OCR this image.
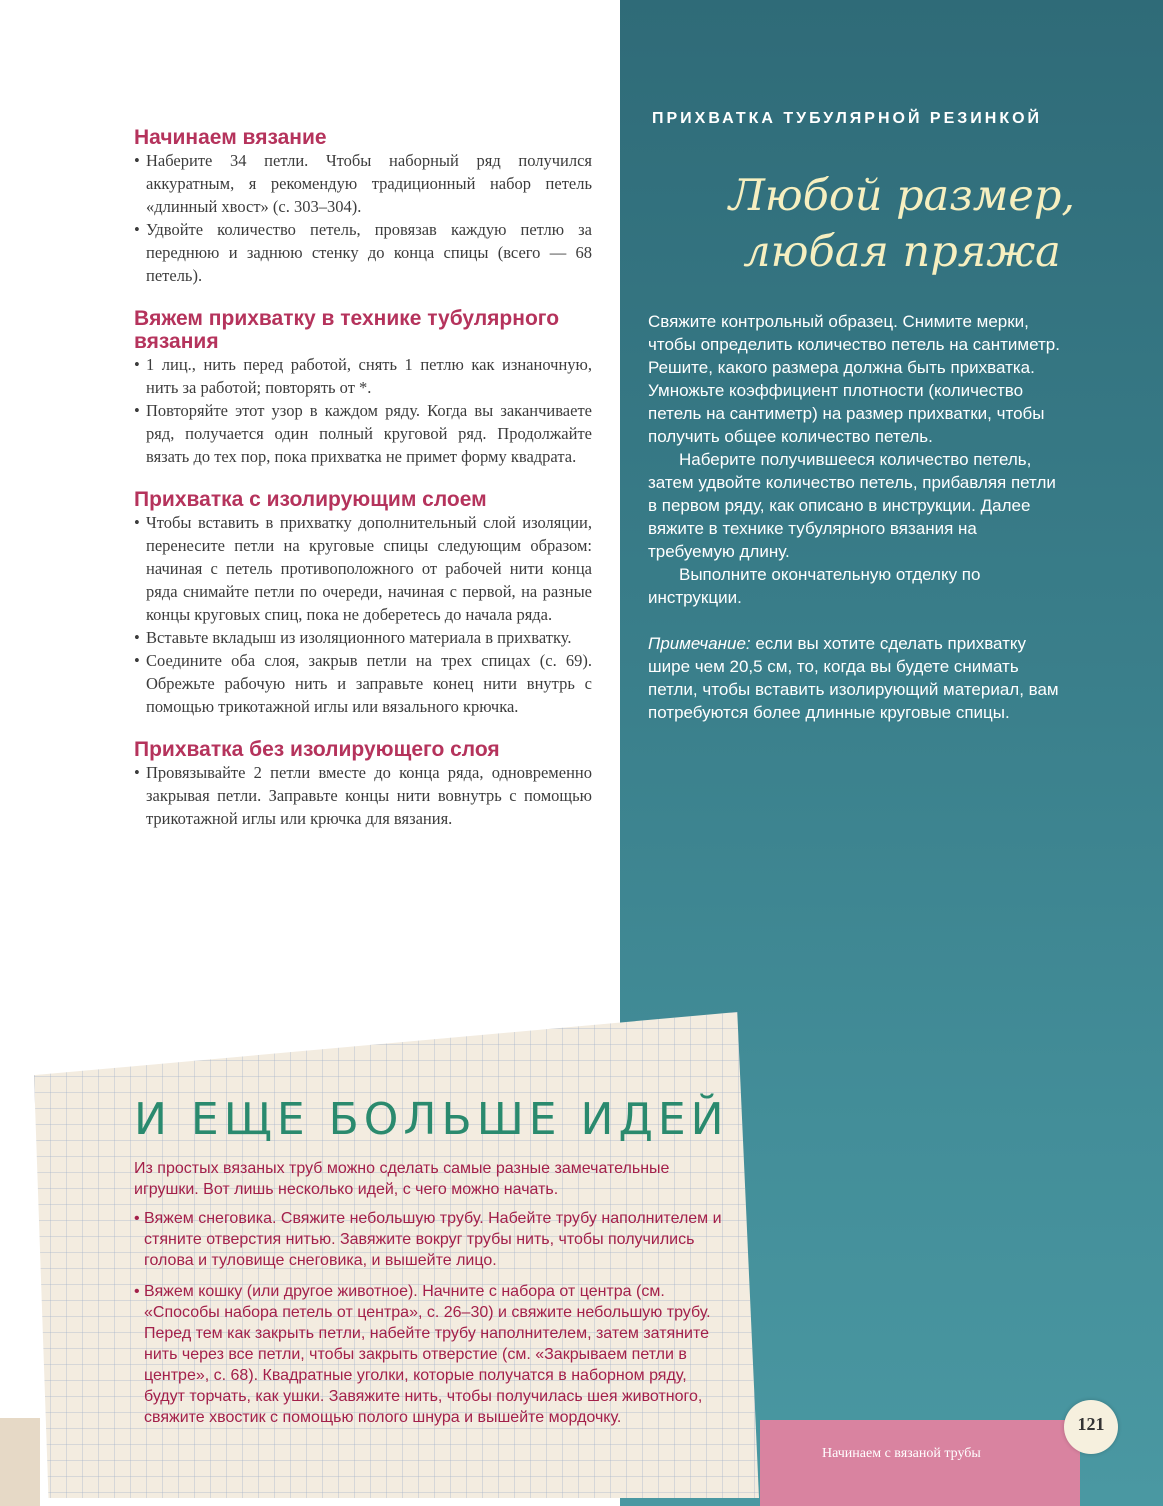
ПРИХВАТКА ТУБУЛЯРНОЙ РЕЗИНКОЙ
Любой размер,
любая пряжа

Свяжите контрольный образец. Снимите мерки, чтобы определить количество петель на сантиметр. Решите, какого размера должна быть прихватка. Умножьте коэффициент плотности (количество петель на сантиметр) на размер прихватки, чтобы получить общее количество петель.

Наберите получившееся количество петель, затем удвойте количество петель, прибавляя петли в первом ряду, как описано в инструкции. Далее вяжите в технике тубулярного вязания на требуемую длину.

Выполните окончательную отделку по инструкции.

Примечание: если вы хотите сделать прихватку шире чем 20,5 см, то, когда вы будете снимать петли, чтобы вставить изолирующий материал, вам потребуются более длинные круговые спицы.

Начинаем вязание
• Наберите 34 петли. Чтобы наборный ряд получился аккуратным, я рекомендую традиционный набор петель «длинный хвост» (с. 303–304).
• Удвойте количество петель, провязав каждую петлю за переднюю и заднюю стенку до конца спицы (всего — 68 петель).
Вяжем прихватку в технике тубулярного вязания
• 1 лиц., нить перед работой, снять 1 петлю как изнаночную, нить за работой; повторять от *.
• Повторяйте этот узор в каждом ряду. Когда вы заканчиваете ряд, получается один полный круговой ряд. Продолжайте вязать до тех пор, пока прихватка не примет форму квадрата.
Прихватка с изолирующим слоем
• Чтобы вставить в прихватку дополнительный слой изоляции, перенесите петли на круговые спицы следующим образом: начиная с петель противоположного от рабочей нити конца ряда снимайте петли по очереди, начиная с первой, на разные концы круговых спиц, пока не доберетесь до начала ряда.
• Вставьте вкладыш из изоляционного материала в прихватку.
• Соедините оба слоя, закрыв петли на трех спицах (с. 69). Обрежьте рабочую нить и заправьте конец нити внутрь с помощью трикотажной иглы или вязального крючка.
Прихватка без изолирующего слоя
• Провязывайте 2 петли вместе до конца ряда, одновременно закрывая петли. Заправьте концы нити вовнутрь с помощью трикотажной иглы или крючка для вязания.
И ЕЩЕ БОЛЬШЕ ИДЕЙ

Из простых вязаных труб можно сделать самые разные замечательные игрушки. Вот лишь несколько идей, с чего можно начать.

• Вяжем снеговика. Свяжите небольшую трубу. Набейте трубу наполнителем и стяните отверстия нитью. Завяжите вокруг трубы нить, чтобы получились голова и туловище снеговика, и вышейте лицо.
• Вяжем кошку (или другое животное). Начните с набора от центра (см. «Способы набора петель от центра», с. 26–30) и свяжите небольшую трубу. Перед тем как закрыть петли, набейте трубу наполнителем, затем затяните нить через все петли, чтобы закрыть отверстие (см. «Закрываем петли в центре», с. 68). Квадратные уголки, которые получатся в наборном ряду, будут торчать, как ушки. Завяжите нить, чтобы получилась шея животного, свяжите хвостик с помощью полого шнура и вышейте мордочку.
Начинаем с вязаной трубы
121
